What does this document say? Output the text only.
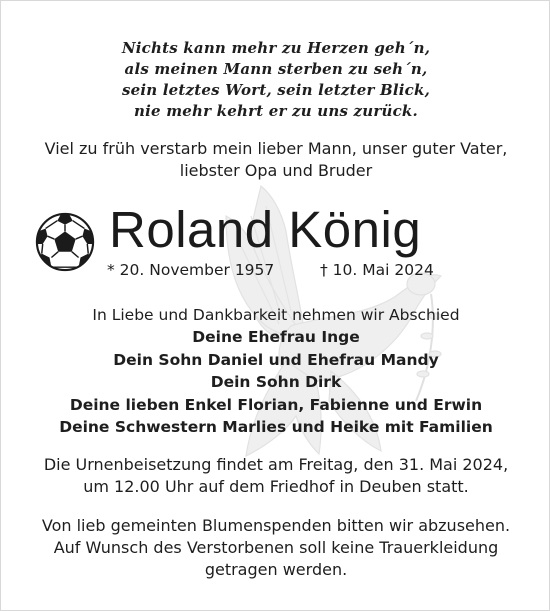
Nichts kann mehr zu Herzen geh´n,
als meinen Mann sterben zu seh´n,
sein letztes Wort, sein letzter Blick,
nie mehr kehrt er zu uns zurück.
Viel zu früh verstarb mein lieber Mann, unser guter Vater,
liebster Opa und Bruder
Roland König
* 20. November 1957	† 10. Mai 2024
In Liebe und Dankbarkeit nehmen wir Abschied
Deine Ehefrau Inge
Dein Sohn Daniel und Ehefrau Mandy
Dein Sohn Dirk
Deine lieben Enkel Florian, Fabienne und Erwin
Deine Schwestern Marlies und Heike mit Familien
Die Urnenbeisetzung findet am Freitag, den 31. Mai 2024,
um 12.00 Uhr auf dem Friedhof in Deuben statt.
Von lieb gemeinten Blumenspenden bitten wir abzusehen.
Auf Wunsch des Verstorbenen soll keine Trauerkleidung
getragen werden.
